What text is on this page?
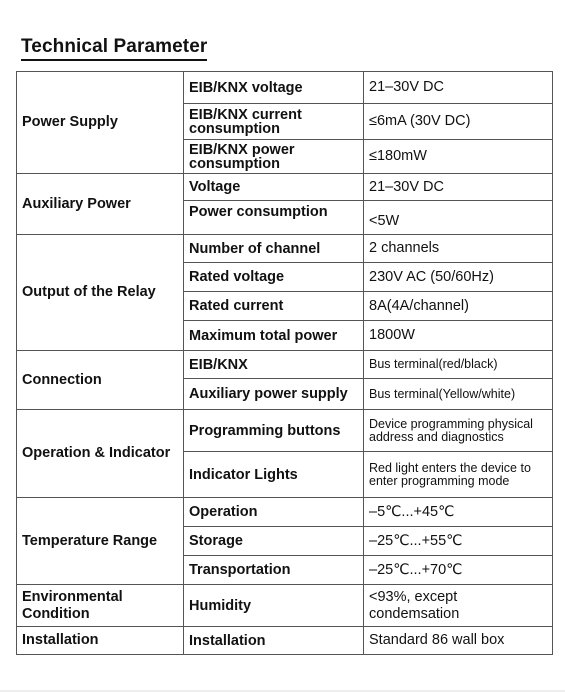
Technical Parameter
Power Supply	EIB/KNX voltage	21–30V DC
	EIB/KNX current consumption	≤6mA (30V DC)
	EIB/KNX power consumption	≤180mW
Auxiliary Power	Voltage	21–30V DC
	Power consumption	<5W
Output of the Relay	Number of channel	2 channels
	Rated voltage	230V AC (50/60Hz)
	Rated current	8A(4A/channel)
	Maximum total power	1800W
Connection	EIB/KNX	Bus terminal(red/black)
	Auxiliary power supply	Bus terminal(Yellow/white)
Operation & Indicator	Programming buttons	Device programming physical address and diagnostics
	Indicator Lights	Red light enters the device to enter programming mode
Temperature Range	Operation	–5℃...+45℃
	Storage	–25℃...+55℃
	Transportation	–25℃...+70℃
Environmental Condition	Humidity	<93%, except condemsation
Installation	Installation	Standard 86 wall box
